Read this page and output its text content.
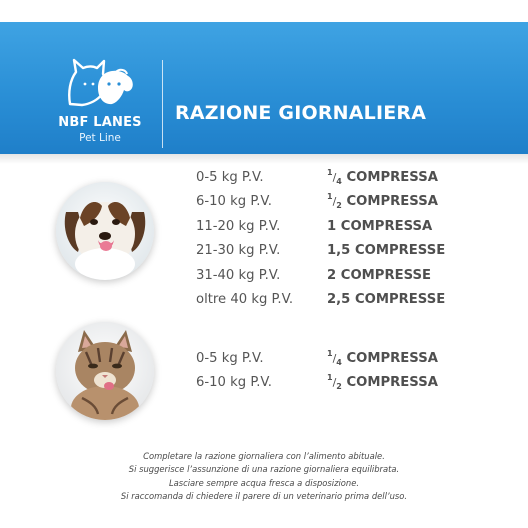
NBF LANES
Pet Line
RAZIONE GIORNALIERA
0-5 kg P.V.	$^1/_4$ COMPRESSA
6-10 kg P.V.	$^1/_2$ COMPRESSA
11-20 kg P.V.	1 COMPRESSA
21-30 kg P.V.	1,5 COMPRESSE
31-40 kg P.V.	2 COMPRESSE
oltre 40 kg P.V.	2,5 COMPRESSE
0-5 kg P.V.	$^1/_4$ COMPRESSA
6-10 kg P.V.	$^1/_2$ COMPRESSA
Completare la razione giornaliera con l’alimento abituale.
Si suggerisce l’assunzione di una razione giornaliera equilibrata.
Lasciare sempre acqua fresca a disposizione.
Si raccomanda di chiedere il parere di un veterinario prima dell’uso.
